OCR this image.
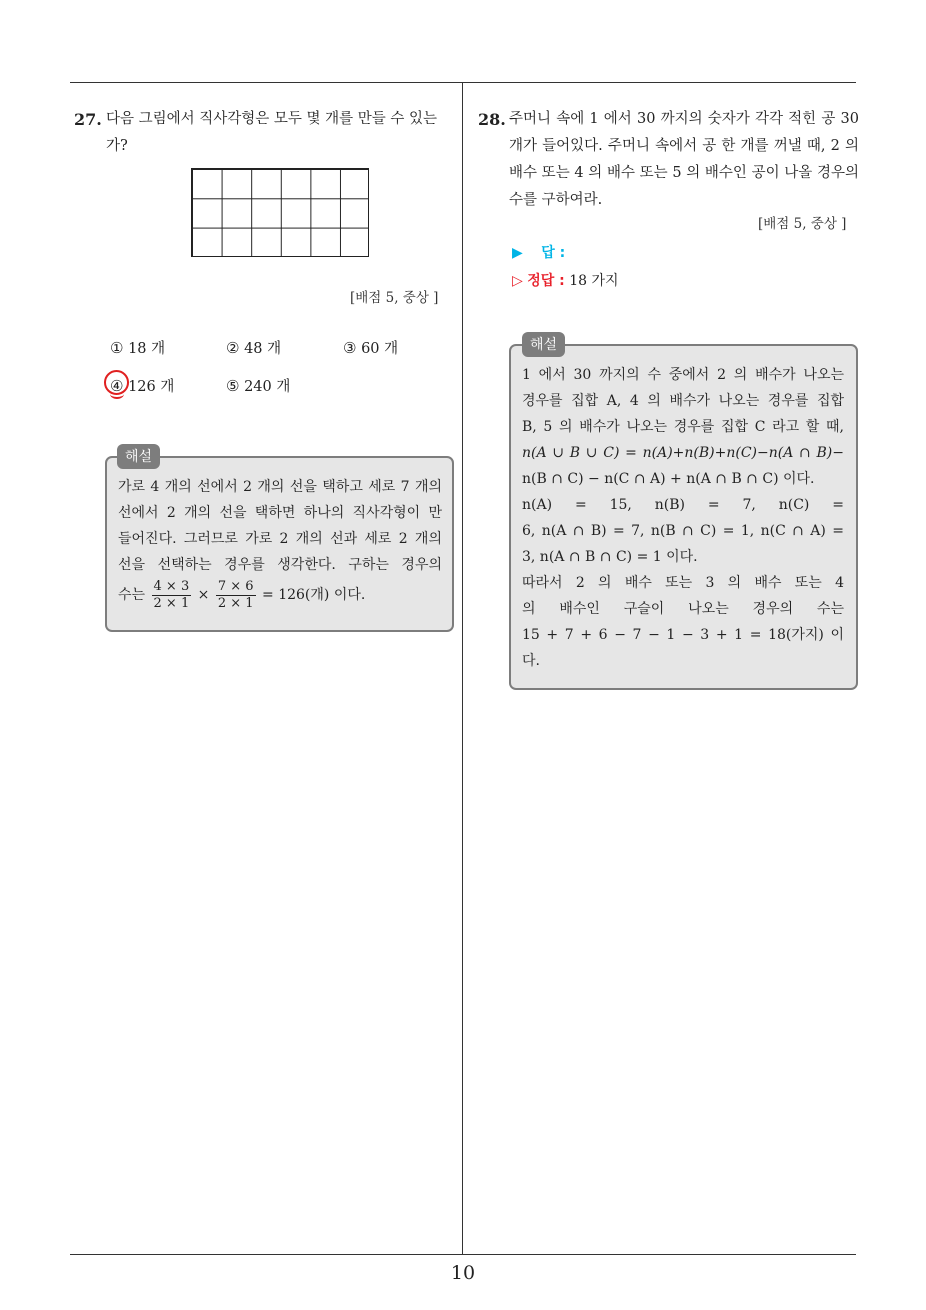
10
27. 다음 그림에서 직사각형은 모두 몇 개를 만들 수 있는
가?
[배점 5, 중상 ]
① 18 개	② 48 개	③ 60 개
④ 126 개	⑤ 240 개
해설
가로 4 개의 선에서 2 개의 선을 택하고 세로 7 개의
선에서 2 개의 선을 택하면 하나의 직사각형이 만
들어진다. 그러므로 가로 2 개의 선과 세로 2 개의
선을 선택하는 경우를 생각한다. 구하는 경우의
수는 $\frac{4 \times 3}{2 \times 1} \times \frac{7 \times 6}{2 \times 1} = 126$(개) 이다.
28. 주머니 속에 1 에서 30 까지의 숫자가 각각 적힌 공 30
개가 들어있다. 주머니 속에서 공 한 개를 꺼낼 때, 2 의
배수 또는 4 의 배수 또는 5 의 배수인 공이 나올 경우의
수를 구하여라.
[배점 5, 중상 ]
▶ 답 :
▷ 정답 : 18 가지
해설
1 에서 30 까지의 수 중에서 2 의 배수가 나오는
경우를 집합 A, 4 의 배수가 나오는 경우를 집합
B, 5 의 배수가 나오는 경우를 집합 C 라고 할 때,
n(A ∪ B ∪ C) = n(A)+n(B)+n(C)−n(A ∩ B)−
n(B ∩ C) − n(C ∩ A) + n(A ∩ B ∩ C) 이다.
n(A) = 15, n(B) = 7, n(C) =
6, n(A ∩ B) = 7, n(B ∩ C) = 1, n(C ∩ A) =
3, n(A ∩ B ∩ C) = 1 이다.
따라서 2 의 배수 또는 3 의 배수 또는 4
의 배수인 구슬이 나오는 경우의 수는
15 + 7 + 6 − 7 − 1 − 3 + 1 = 18(가지) 이
다.
